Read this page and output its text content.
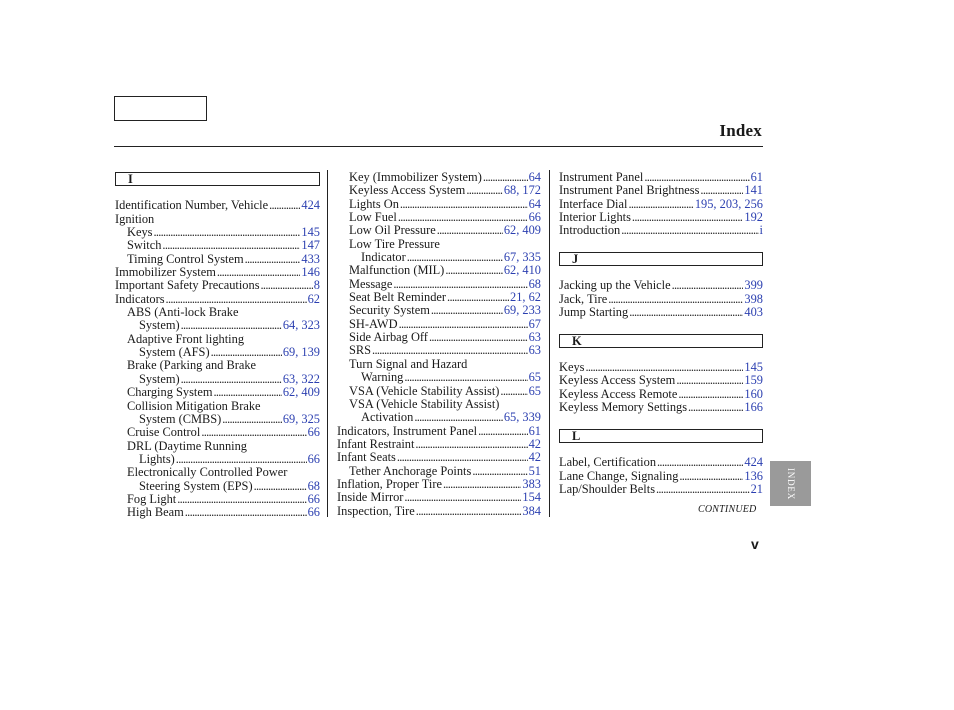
Index
I
Identification Number, Vehicle . . .	424
Ignition
Keys . . .	145
Switch . . .	147
Timing Control System . . .	433
Immobilizer System . . .	146
Important Safety Precautions . . .	8
Indicators . . .	62
ABS (Anti-lock Brake
System) . . .	64, 323
Adaptive Front lighting
System (AFS) . . .	69, 139
Brake (Parking and Brake
System) . . .	63, 322
Charging System . . .	62, 409
Collision Mitigation Brake
System (CMBS) . . .	69, 325
Cruise Control . . .	66
DRL (Daytime Running
Lights) . . .	66
Electronically Controlled Power
Steering System (EPS) . . .	68
Fog Light . . .	66
High Beam . . .	66
Key (Immobilizer System) . . .	64
Keyless Access System . . .	68, 172
Lights On . . .	64
Low Fuel . . .	66
Low Oil Pressure . . .	62, 409
Low Tire Pressure
Indicator . . .	67, 335
Malfunction (MIL) . . .	62, 410
Message . . .	68
Seat Belt Reminder . . .	21, 62
Security System . . .	69, 233
SH-AWD . . .	67
Side Airbag Off . . .	63
SRS . . .	63
Turn Signal and Hazard
Warning . . .	65
VSA (Vehicle Stability Assist) . . . 65
VSA (Vehicle Stability Assist)
Activation . . .	65, 339
Indicators, Instrument Panel . . .	61
Infant Restraint . . .	42
Infant Seats . . .	42
Tether Anchorage Points . . .	51
Inflation, Proper Tire . . .	383
Inside Mirror . . .	154
Inspection, Tire . . .	384
Instrument Panel . . .	61
Instrument Panel Brightness . . .	141
Interface Dial . . .	195, 203, 256
Interior Lights . . .	192
Introduction . . .	i
J
Jacking up the Vehicle . . .	399
Jack, Tire . . .	398
Jump Starting . . .	403
K
Keys . . .	145
Keyless Access System . . .	159
Keyless Access Remote . . .	160
Keyless Memory Settings . . .	166
L
Label, Certification . . .	424
Lane Change, Signaling . . .	136
Lap/Shoulder Belts . . .	21
CONTINUED
v
INDEX
